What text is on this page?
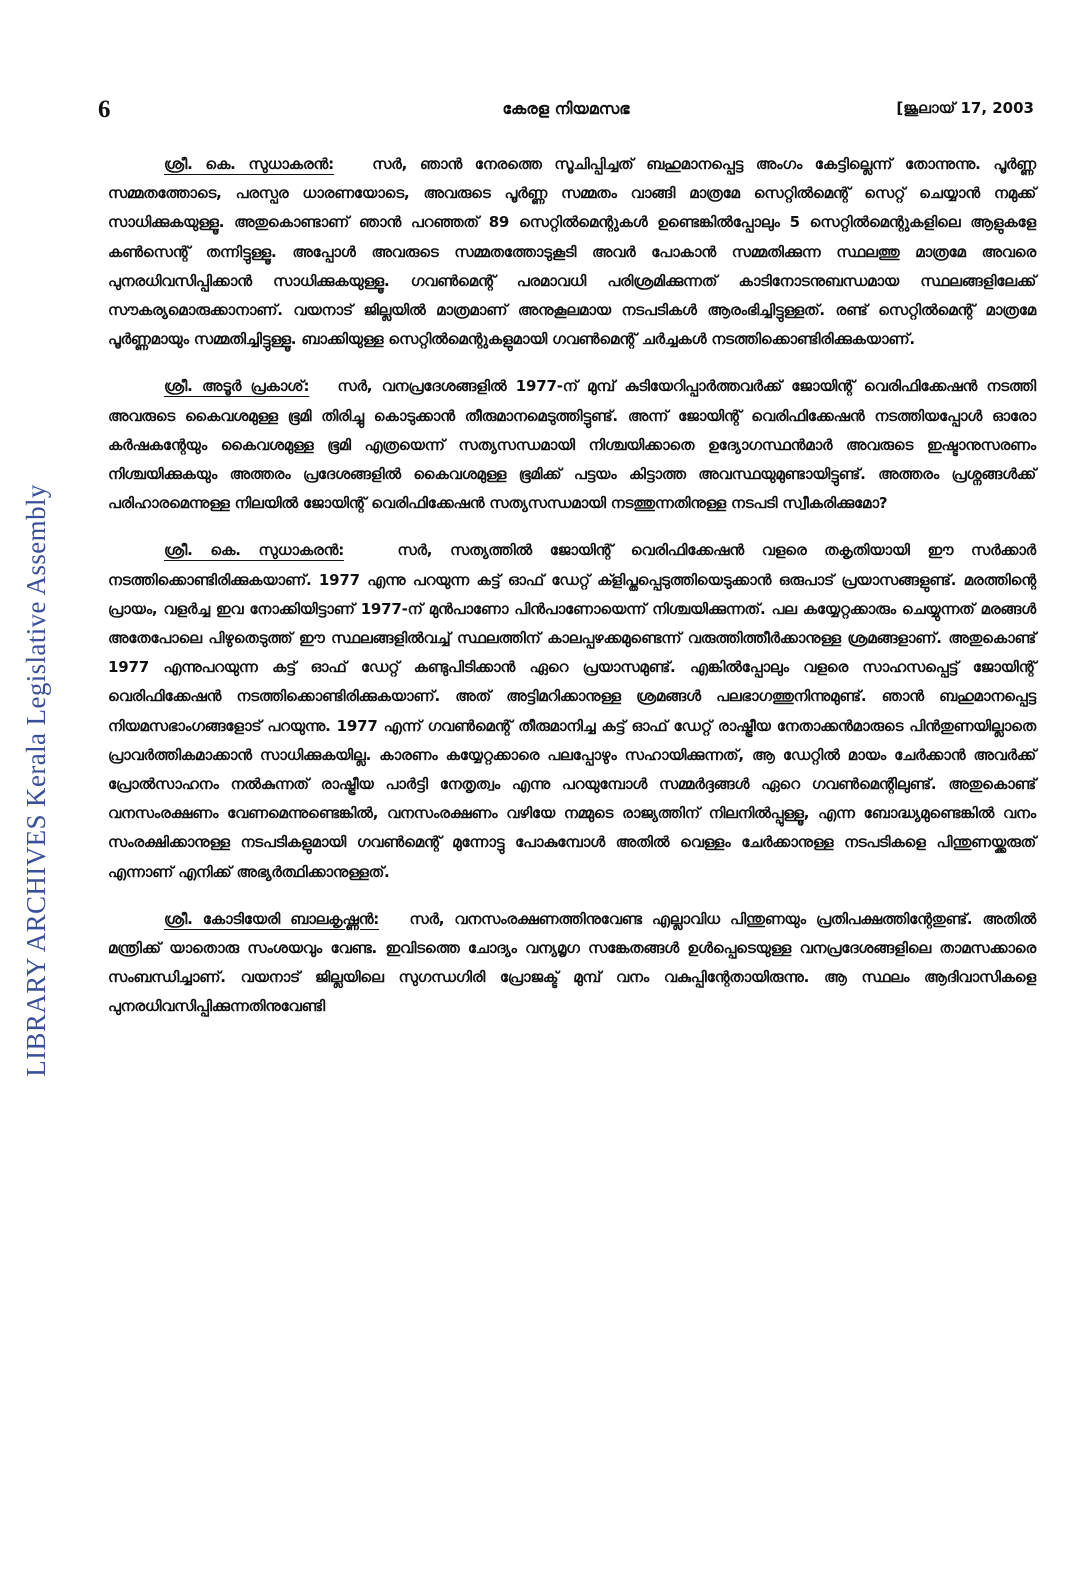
LIBRARY ARCHIVES Kerala Legislative Assembly
6	കേരള നിയമസഭ	[ജൂലായ് 17, 2003

ശ്രീ. കെ. സുധാകരൻ:	സർ, ഞാൻ നേരത്തെ സൂചിപ്പിച്ചത് ബഹുമാനപ്പെട്ട അംഗം കേട്ടില്ലെന്ന് തോന്നുന്നു. പൂർണ്ണ സമ്മതത്തോടെ, പരസ്പര ധാരണയോടെ, അവരുടെ പൂർണ്ണ സമ്മതം വാങ്ങി മാത്രമേ സെറ്റിൽമെന്റ് സെറ്റ് ചെയ്യാൻ നമുക്ക് സാധിക്കുകയുള്ളൂ. അതുകൊണ്ടാണ് ഞാൻ പറഞ്ഞത് 89 സെറ്റിൽമെന്റുകൾ ഉണ്ടെങ്കിൽപ്പോലും 5 സെറ്റിൽമെന്റുകളിലെ ആളുകളേ കൺസെന്റ് തന്നിട്ടുള്ളൂ. അപ്പോൾ അവരുടെ സമ്മതത്തോടുകൂടി അവർ പോകാൻ സമ്മതിക്കുന്ന സ്ഥലത്തു മാത്രമേ അവരെ പുനരധിവസിപ്പിക്കാൻ സാധിക്കുകയുള്ളൂ. ഗവൺമെന്റ് പരമാവധി പരിശ്രമിക്കുന്നത് കാടിനോടനുബന്ധമായ സ്ഥലങ്ങളിലേക്ക് സൗകര്യമൊരുക്കാനാണ്. വയനാട് ജില്ലയിൽ മാത്രമാണ് അനുകൂലമായ നടപടികൾ ആരംഭിച്ചിട്ടുള്ളത്. രണ്ട് സെറ്റിൽമെന്റ് മാത്രമേ പൂർണ്ണമായും സമ്മതിച്ചിട്ടുള്ളൂ. ബാക്കിയുള്ള സെറ്റിൽമെന്റുകളുമായി ഗവൺമെന്റ് ചർച്ചകൾ നടത്തിക്കൊണ്ടിരിക്കുകയാണ്.

ശ്രീ. അടൂർ പ്രകാശ്: സർ, വനപ്രദേശങ്ങളിൽ 1977-ന് മുമ്പ് കുടിയേറിപ്പാർത്തവർക്ക് ജോയിന്റ് വെരിഫിക്കേഷൻ നടത്തി അവരുടെ കൈവശമുള്ള ഭൂമി തിരിച്ചു കൊടുക്കാൻ തീരുമാനമെടുത്തിട്ടുണ്ട്. അന്ന് ജോയിന്റ് വെരിഫിക്കേഷൻ നടത്തിയപ്പോൾ ഓരോ കർഷകന്റേയും കൈവശമുള്ള ഭൂമി എത്രയെന്ന് സത്യസന്ധമായി നിശ്ചയിക്കാതെ ഉദ്യോഗസ്ഥൻമാർ അവരുടെ ഇഷ്ടാനുസരണം നിശ്ചയിക്കുകയും അത്തരം പ്രദേശങ്ങളിൽ കൈവശമുള്ള ഭൂമിക്ക് പട്ടയം കിട്ടാത്ത അവസ്ഥയുമുണ്ടായിട്ടുണ്ട്. അത്തരം പ്രശ്നങ്ങൾക്ക് പരിഹാരമെന്നുള്ള നിലയിൽ ജോയിന്റ് വെരിഫിക്കേഷൻ സത്യസന്ധമായി നടത്തുന്നതിനുള്ള നടപടി സ്വീകരിക്കുമോ?

ശ്രീ. കെ. സുധാകരൻ:	സർ, സത്യത്തിൽ ജോയിന്റ് വെരിഫിക്കേഷൻ വളരെ തകൃതിയായി ഈ സർക്കാർ നടത്തിക്കൊണ്ടിരിക്കുകയാണ്. 1977 എന്നു പറയുന്ന കട്ട് ഓഫ് ഡേറ്റ് ക്ളിപ്തപ്പെടുത്തിയെടുക്കാൻ ഒരുപാട് പ്രയാസങ്ങളുണ്ട്. മരത്തിന്റെ പ്രായം, വളർച്ച ഇവ നോക്കിയിട്ടാണ് 1977-ന് മുൻപാണോ പിൻപാണോയെന്ന് നിശ്ചയിക്കുന്നത്. പല കയ്യേറ്റക്കാരും ചെയ്യുന്നത് മരങ്ങൾ അതേപോലെ പിഴുതെടുത്ത് ഈ സ്ഥലങ്ങളിൽവച്ച് സ്ഥലത്തിന് കാലപ്പഴക്കമുണ്ടെന്ന് വരുത്തിത്തീർക്കാനുള്ള ശ്രമങ്ങളാണ്. അതുകൊണ്ട് 1977 എന്നുപറയുന്ന കട്ട് ഓഫ് ഡേറ്റ് കണ്ടുപിടിക്കാൻ ഏറെ പ്രയാസമുണ്ട്. എങ്കിൽപ്പോലും വളരെ സാഹസപ്പെട്ട് ജോയിന്റ് വെരിഫിക്കേഷൻ നടത്തിക്കൊണ്ടിരിക്കുകയാണ്. അത് അട്ടിമറിക്കാനുള്ള ശ്രമങ്ങൾ പലഭാഗത്തുനിന്നുമുണ്ട്. ഞാൻ ബഹുമാനപ്പെട്ട നിയമസഭാംഗങ്ങളോട് പറയുന്നു. 1977 എന്ന് ഗവൺമെന്റ് തീരുമാനിച്ച കട്ട് ഓഫ് ഡേറ്റ് രാഷ്ട്രീയ നേതാക്കൻമാരുടെ പിൻതുണയില്ലാതെ പ്രാവർത്തികമാക്കാൻ സാധിക്കുകയില്ല. കാരണം കയ്യേറ്റക്കാരെ പലപ്പോഴും സഹായിക്കുന്നത്, ആ ഡേറ്റിൽ മായം ചേർക്കാൻ അവർക്ക് പ്രോൽസാഹനം നൽകുന്നത് രാഷ്ട്രീയ പാർട്ടി നേതൃത്വം എന്നു പറയുമ്പോൾ സമ്മർദ്ദങ്ങൾ ഏറെ ഗവൺമെന്റിലുണ്ട്. അതുകൊണ്ട് വനസംരക്ഷണം വേണമെന്നുണ്ടെങ്കിൽ, വനസംരക്ഷണം വഴിയേ നമ്മുടെ രാജ്യത്തിന് നിലനിൽപ്പുള്ളൂ, എന്ന ബോദ്ധ്യമുണ്ടെങ്കിൽ വനം സംരക്ഷിക്കാനുള്ള നടപടികളുമായി ഗവൺമെന്റ് മുന്നോട്ടു പോകുമ്പോൾ അതിൽ വെള്ളം ചേർക്കാനുള്ള നടപടികളെ പിന്തുണയ്ക്കരുത് എന്നാണ് എനിക്ക് അഭ്യർത്ഥിക്കാനുള്ളത്.

ശ്രീ. കോടിയേരി ബാലകൃഷ്ണൻ: സർ, വനസംരക്ഷണത്തിനുവേണ്ട എല്ലാവിധ പിന്തുണയും പ്രതിപക്ഷത്തിന്റേതുണ്ട്. അതിൽ മന്ത്രിക്ക് യാതൊരു സംശയവും വേണ്ട. ഇവിടത്തെ ചോദ്യം വന്യമൃഗ സങ്കേതങ്ങൾ ഉൾപ്പെടെയുള്ള വനപ്രദേശങ്ങളിലെ താമസക്കാരെ സംബന്ധിച്ചാണ്. വയനാട് ജില്ലയിലെ സുഗന്ധഗിരി പ്രോജക്ട് മുമ്പ് വനം വകുപ്പിന്റേതായിരുന്നു. ആ സ്ഥലം ആദിവാസികളെ പുനരധിവസിപ്പിക്കുന്നതിനുവേണ്ടി
